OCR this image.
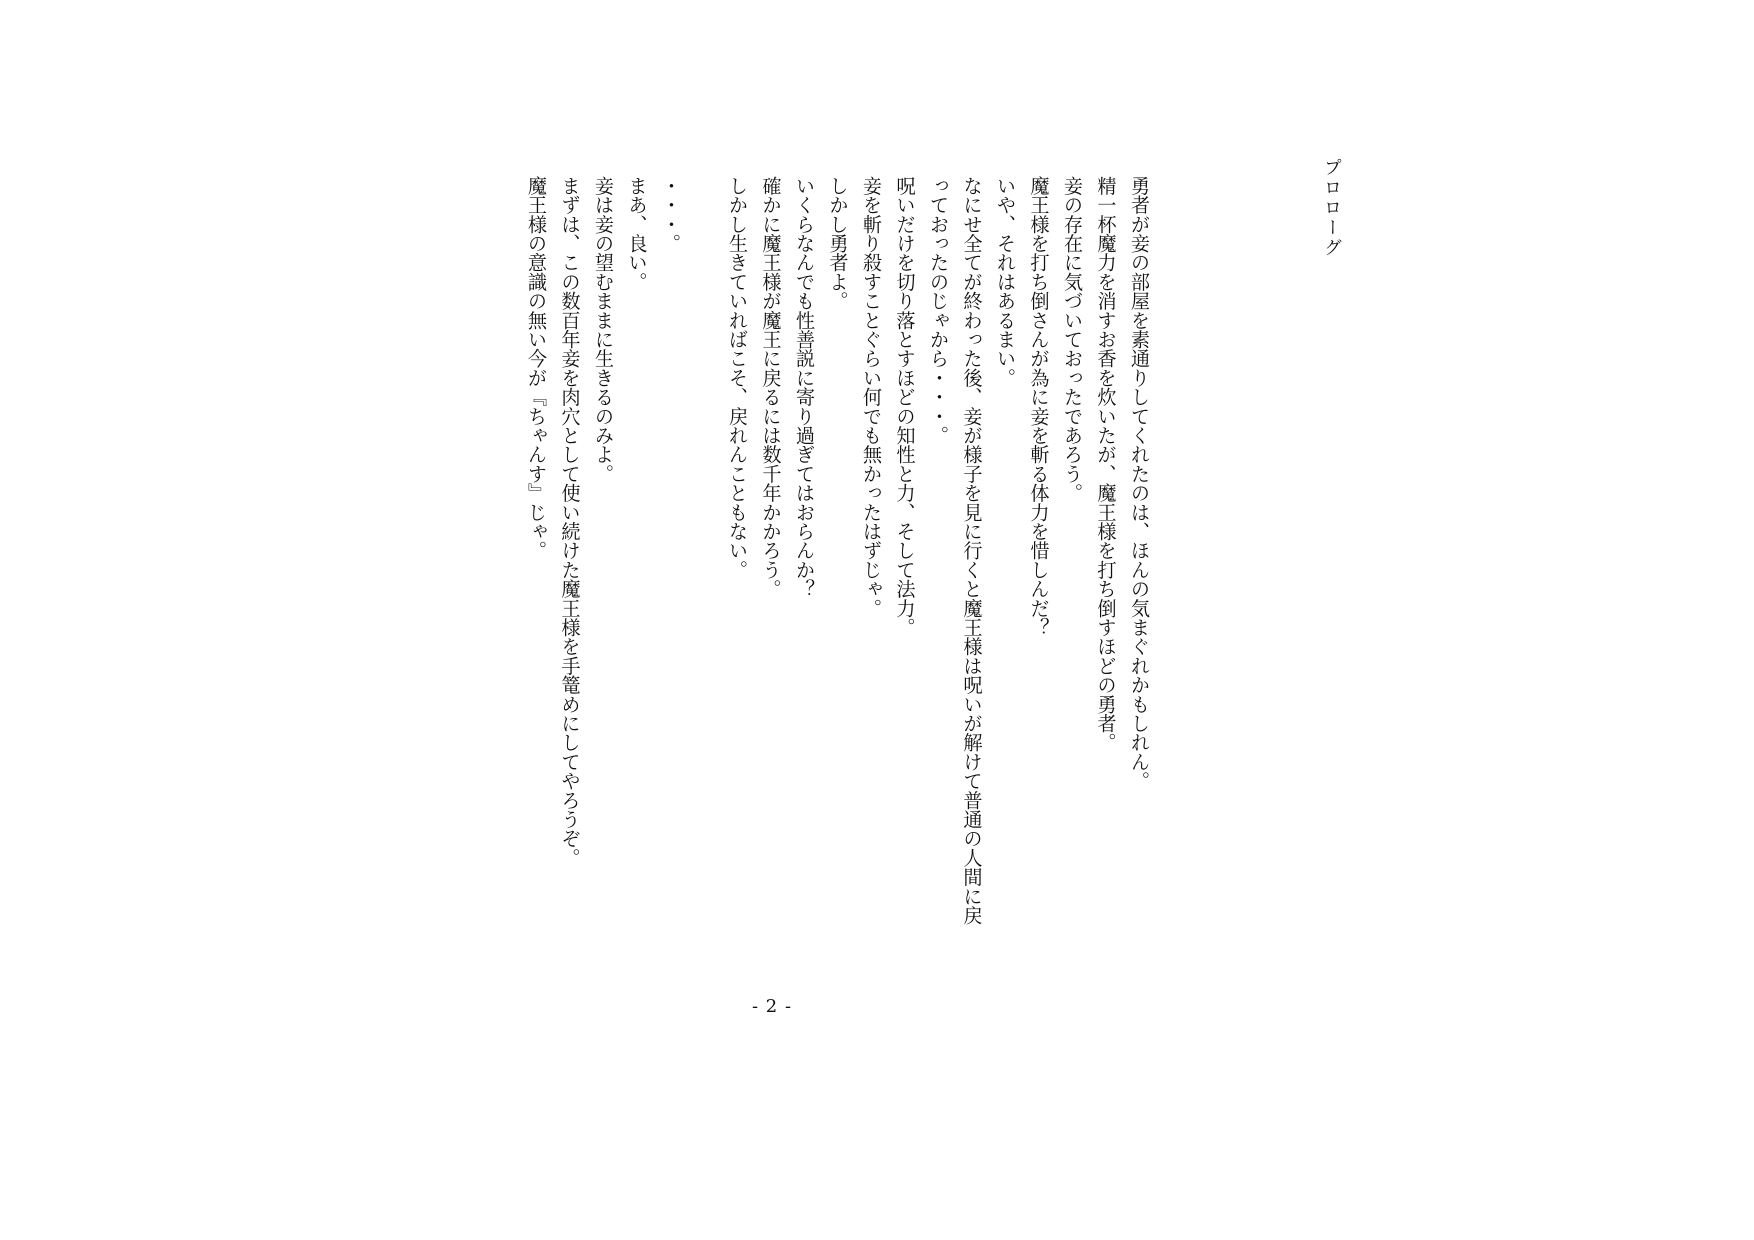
プロローグ
勇者が妾の部屋を素通りしてくれたのは、ほんの気まぐれかもしれん。
精一杯魔力を消すお香を炊いたが、魔王様を打ち倒すほどの勇者。
妾の存在に気づいておったであろう。
魔王様を打ち倒さんが為に妾を斬る体力を惜しんだ？
いや、それはあるまい。
なにせ全てが終わった後、妾が様子を見に行くと魔王様は呪いが解けて普通の人間に戻
っておったのじゃから・・・。
呪いだけを切り落とすほどの知性と力、そして法力。
妾を斬り殺すことぐらい何でも無かったはずじゃ。
しかし勇者よ。
いくらなんでも性善説に寄り過ぎてはおらんか？
確かに魔王様が魔王に戻るには数千年かかろう。
しかし生きていればこそ、戻れんこともない。
・・・。
まあ、良い。
妾は妾の望むままに生きるのみよ。
まずは、この数百年妾を肉穴として使い続けた魔王様を手篭めにしてやろうぞ。
魔王様の意識の無い今が『ちゃんす』じゃ。
- 2 -
